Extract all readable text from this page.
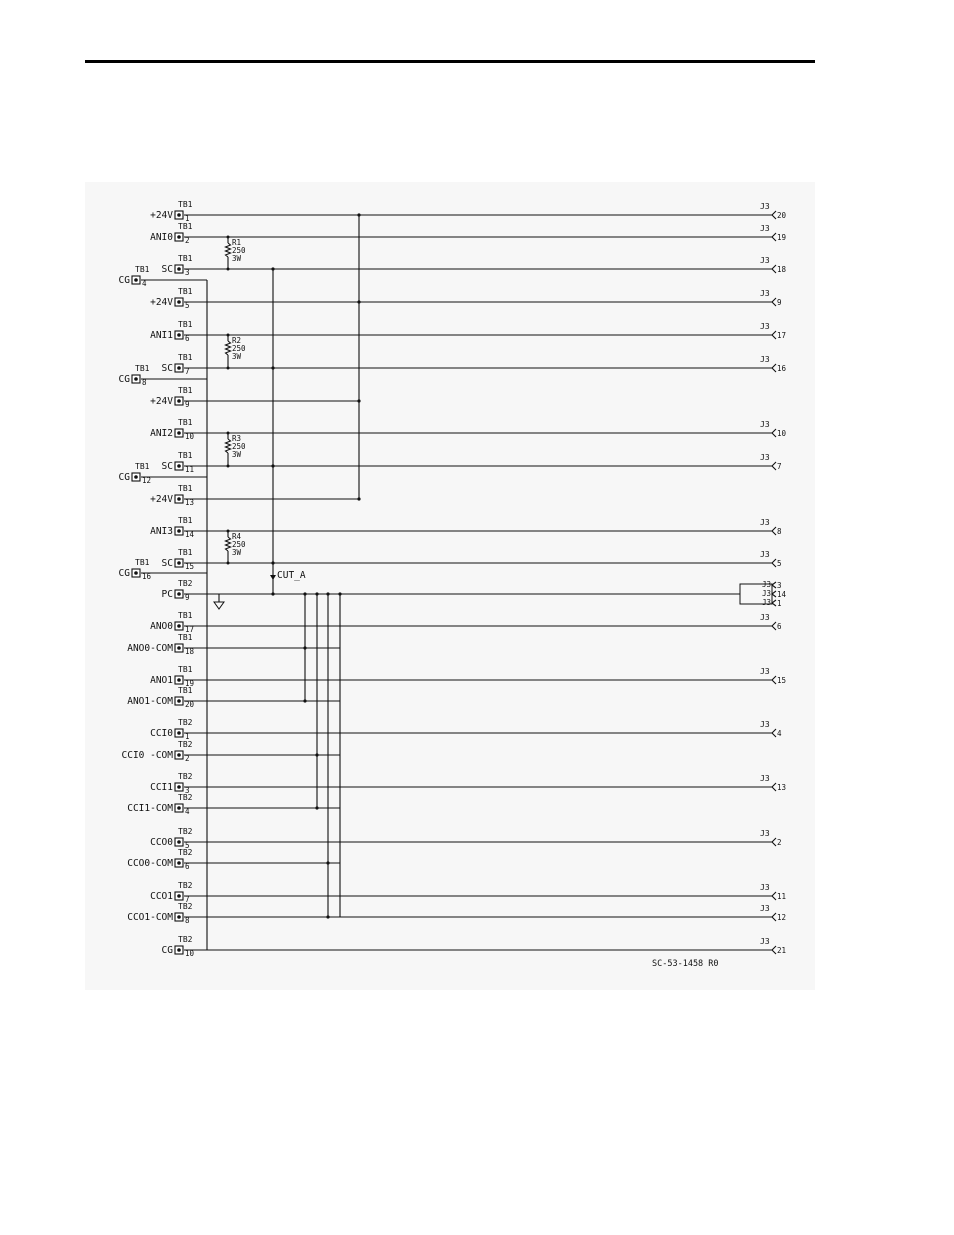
TB1
+24V 1
J3
20
TB1
ANI0 2
J3
19
TB1
SC 3
J3
18
TB1
CG 4
TB1
+24V 5
J3
9
TB1
ANI1 6
J3
17
TB1
SC 7
J3
16
TB1
CG 8
TB1
+24V 9
TB1
ANI2 10
J3
10
TB1
SC 11
J3
7
TB1
CG 12
TB1
+24V 13
TB1
ANI3 14
J3
8
TB1
SC 15
J3
5
TB1
CG 16
TB2
PC 9
TB1
ANO0 17
J3
6
TB1
ANO0-COM 18
TB1
ANO1 19
J3
15
TB1
ANO1-COM 20
TB2
CCI0 1
J3
4
TB2
CCI0 -COM 2
TB2
CCI1 3
J3
13
TB2
CCI1-COM 4
TB2
CCO0 5
J3
2
TB2
CCO0-COM 6
TB2
CCO1 7
J3
11
TB2
CCO1-COM 8
J3
12
TB2
CG 10
J3
21
R1
250
3W
R2
250
3W
R3
250
3W
R4
250
3W
J3 3
J3 14
J3 1
CUT_A
SC-53-1458 R0
